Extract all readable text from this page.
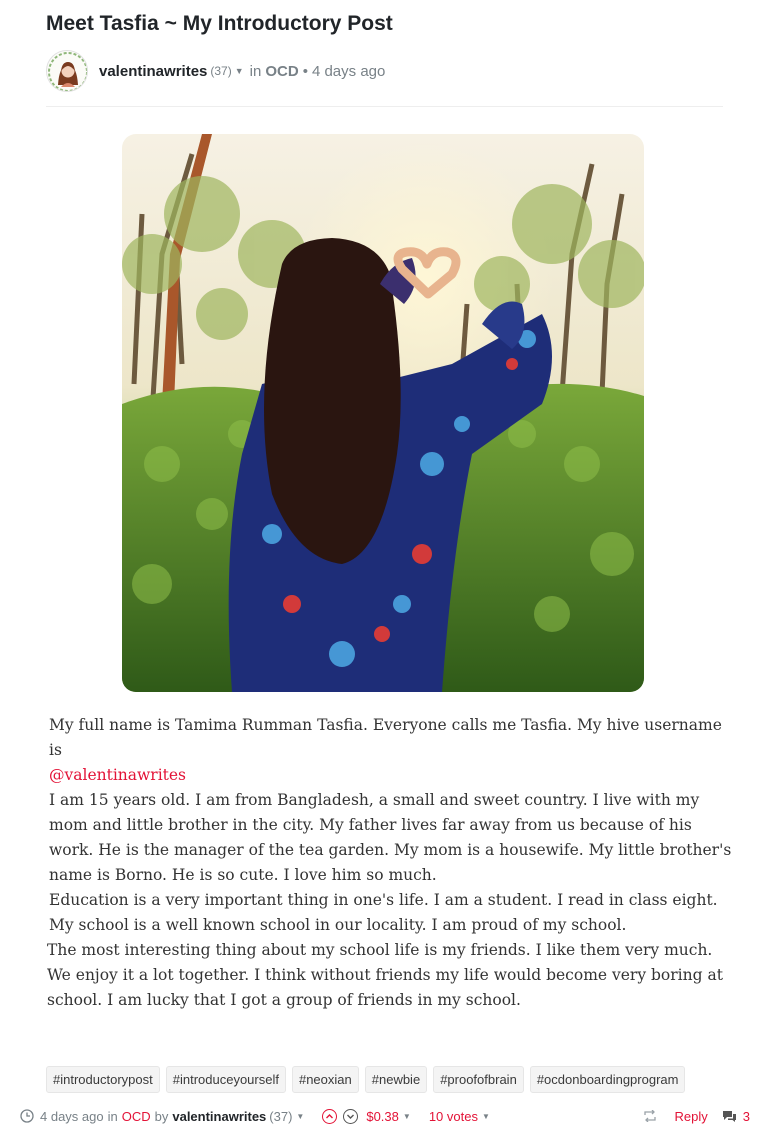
Meet Tasfia ~ My Introductory Post
valentinawrites (37) ▼ in OCD • 4 days ago

My full name is Tamima Rumman Tasfia. Everyone calls me Tasfia. My hive username is

@valentinawrites

I am 15 years old. I am from Bangladesh, a small and sweet country. I live with my mom and little brother in the city. My father lives far away from us because of his work. He is the manager of the tea garden. My mom is a housewife. My little brother's name is Borno. He is so cute. I love him so much.

Education is a very important thing in one's life. I am a student. I read in class eight. My school is a well known school in our locality. I am proud of my school.

The most interesting thing about my school life is my friends. I like them very much. We enjoy it a lot together. I think without friends my life would become very boring at school. I am lucky that I got a group of friends in my school.

#introductorypost	#introduceyourself	#neoxian	#newbie	#proofofbrain	#ocdonboardingprogram
4 days ago in OCD by valentinawrites (37) ▼	$0.38 ▼ 10 votes ▼	Reply	3
